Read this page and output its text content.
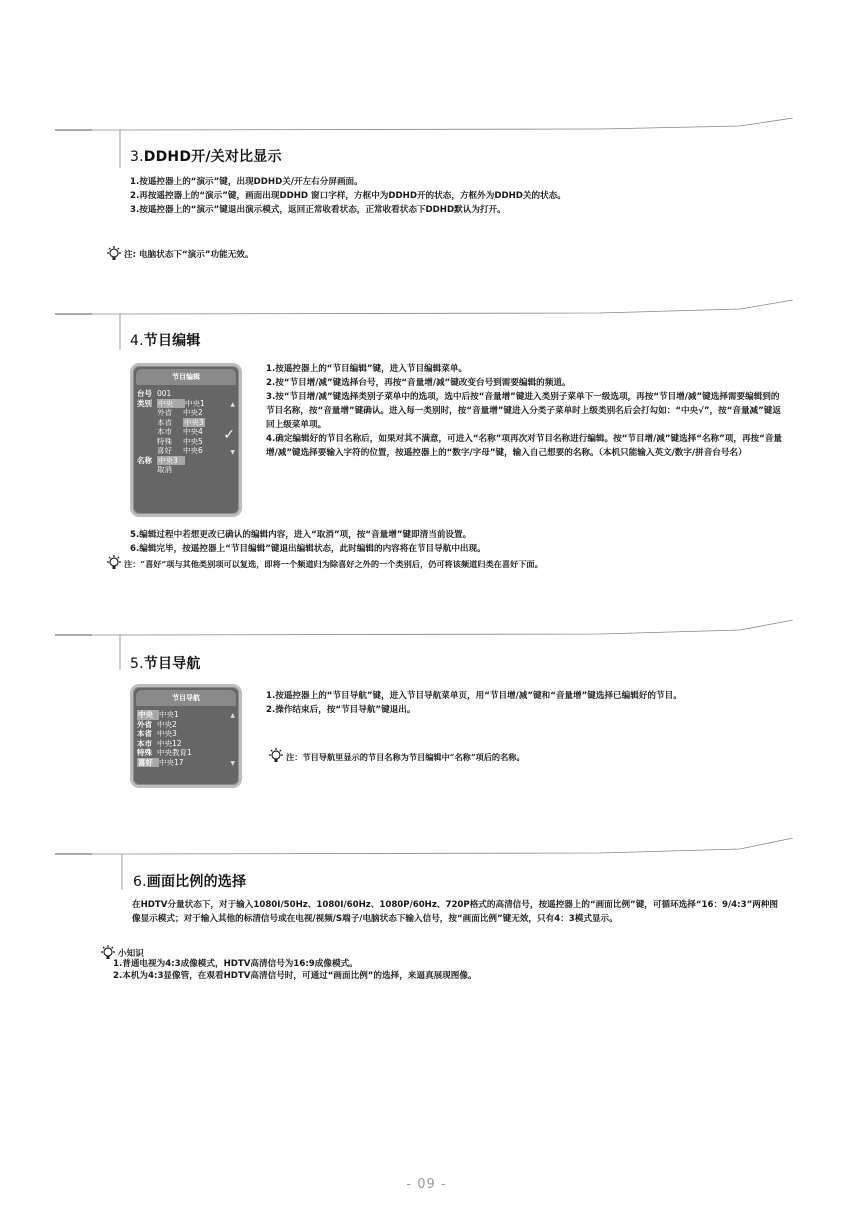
3.DDHD开/关对比显示

1.按遥控器上的“演示”键，出现DDHD关/开左右分屏画面。

2.再按遥控器上的“演示”键，画面出现DDHD 窗口字样，方框中为DDHD开的状态，方框外为DDHD关的状态。

3.按遥控器上的“演示”键退出演示模式，返回正常收看状态，正常收看状态下DDHD默认为打开。

注: 电脑状态下“演示”功能无效。
4.节目编辑
节目编辑
台号 001
类别 中央 中央1
外省 中央2
本省 中央3
本市 中央4
特殊 中央5
喜好 中央6
名称 中央3
取消
▲
▼
✓

1.按遥控器上的“节目编辑”键，进入节目编辑菜单。

2.按“节目增/减”键选择台号，再按“音量增/减”键改变台号到需要编辑的频道。

3.按“节目增/减”键选择类别子菜单中的选项，选中后按“音量增”键进入类别子菜单下一级选项，再按“节目增/减”键选择需要编辑到的节目名称，按“音量增”键确认。进入每一类别时，按“音量增”键进入分类子菜单时上级类别名后会打勾如：“中央√”，按“音量减”键返回上级菜单项。

4.确定编辑好的节目名称后，如果对其不满意，可进入“名称”项再次对节目名称进行编辑。按“节目增/减”键选择“名称”项，再按“音量增/减”键选择要输入字符的位置，按遥控器上的“数字/字母”键，输入自己想要的名称。（本机只能输入英文/数字/拼音台号名）

5.编辑过程中若想更改已确认的编辑内容，进入“取消”项，按“音量增”键即清当前设置。

6.编辑完毕，按遥控器上“节目编辑”键退出编辑状态，此时编辑的内容将在节目导航中出现。

注：“喜好”项与其他类别项可以复选，即将一个频道归为除喜好之外的一个类别后，仍可将该频道归类在喜好下面。
5.节目导航
节目导航
中央 中央1
外省 中央2
本省 中央3
本市 中央12
特殊 中央教育1
喜好 中央17
▲
▼

1.按遥控器上的“节目导航”键，进入节目导航菜单页，用“节目增/减”键和“音量增”键选择已编辑好的节目。

2.操作结束后，按“节目导航”键退出。

注：节目导航里显示的节目名称为节目编辑中“名称”项后的名称。
6.画面比例的选择

在HDTV分量状态下，对于输入1080I/50Hz、1080I/60Hz、1080P/60Hz、720P格式的高清信号，按遥控器上的“画面比例”键，可循环选择“16：9/4:3”两种图像显示模式；对于输入其他的标清信号或在电视/视频/S端子/电脑状态下输入信号，按“画面比例”键无效，只有4：3模式显示。

小知识

1.普通电视为4:3成像模式，HDTV高清信号为16:9成像模式。

2.本机为4:3显像管，在观看HDTV高清信号时，可通过“画面比例”的选择，来逼真展现图像。

- 09 -
